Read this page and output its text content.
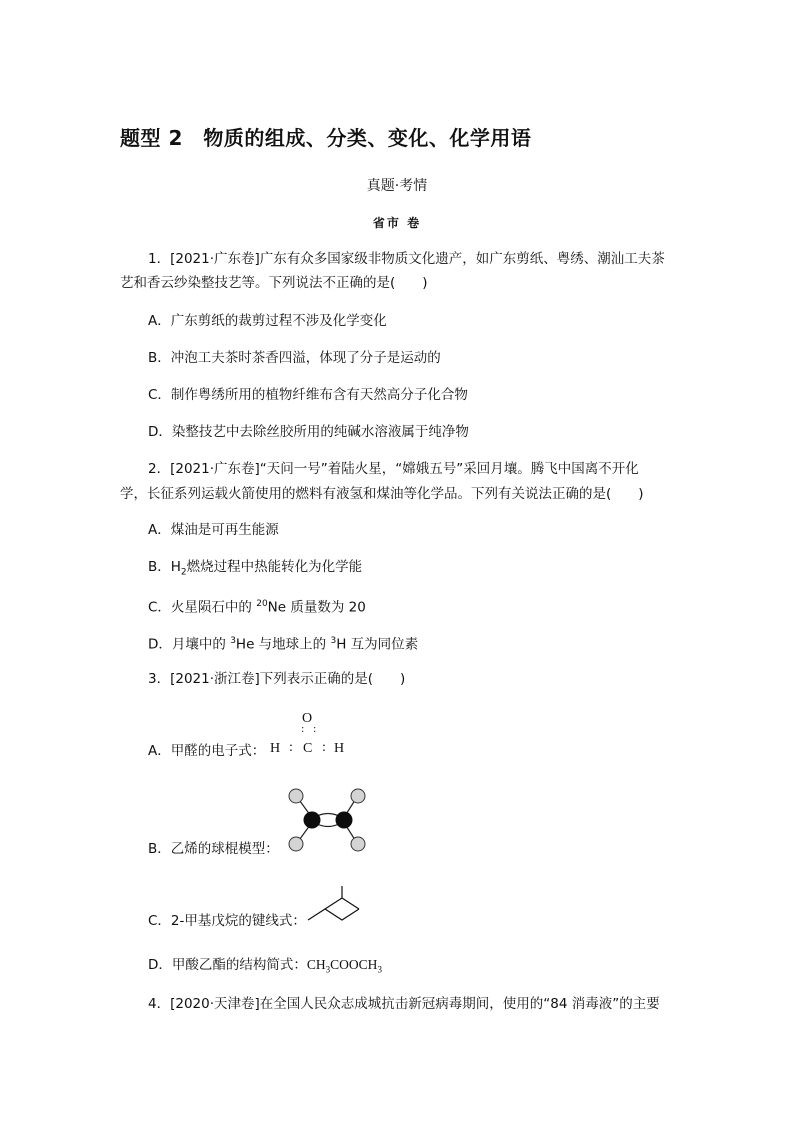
题型 2　物质的组成、分类、变化、化学用语
真题·考情
省市 卷
1．[2021·广东卷]广东有众多国家级非物质文化遗产，如广东剪纸、粤绣、潮汕工夫茶
艺和香云纱染整技艺等。下列说法不正确的是(　　)
A．广东剪纸的裁剪过程不涉及化学变化
B．冲泡工夫茶时茶香四溢，体现了分子是运动的
C．制作粤绣所用的植物纤维布含有天然高分子化合物
D．染整技艺中去除丝胶所用的纯碱水溶液属于纯净物
2．[2021·广东卷]“天问一号”着陆火星，“嫦娥五号”采回月壤。腾飞中国离不开化
学，长征系列运载火箭使用的燃料有液氢和煤油等化学品。下列有关说法正确的是(　　)
A．煤油是可再生能源
B．$H_2$燃烧过程中热能转化为化学能
C．火星陨石中的 $^{20}$Ne 质量数为 20
D．月壤中的 $^3$He 与地球上的 $^3$H 互为同位素
3．[2021·浙江卷]下列表示正确的是(　　)
A．甲醛的电子式：
O
: :
H : C : H
B．乙烯的球棍模型：
C．2-甲基戊烷的键线式：
D．甲酸乙酯的结构简式：$CH_3COOCH_3$
4．[2020·天津卷]在全国人民众志成城抗击新冠病毒期间，使用的“84 消毒液”的主要
